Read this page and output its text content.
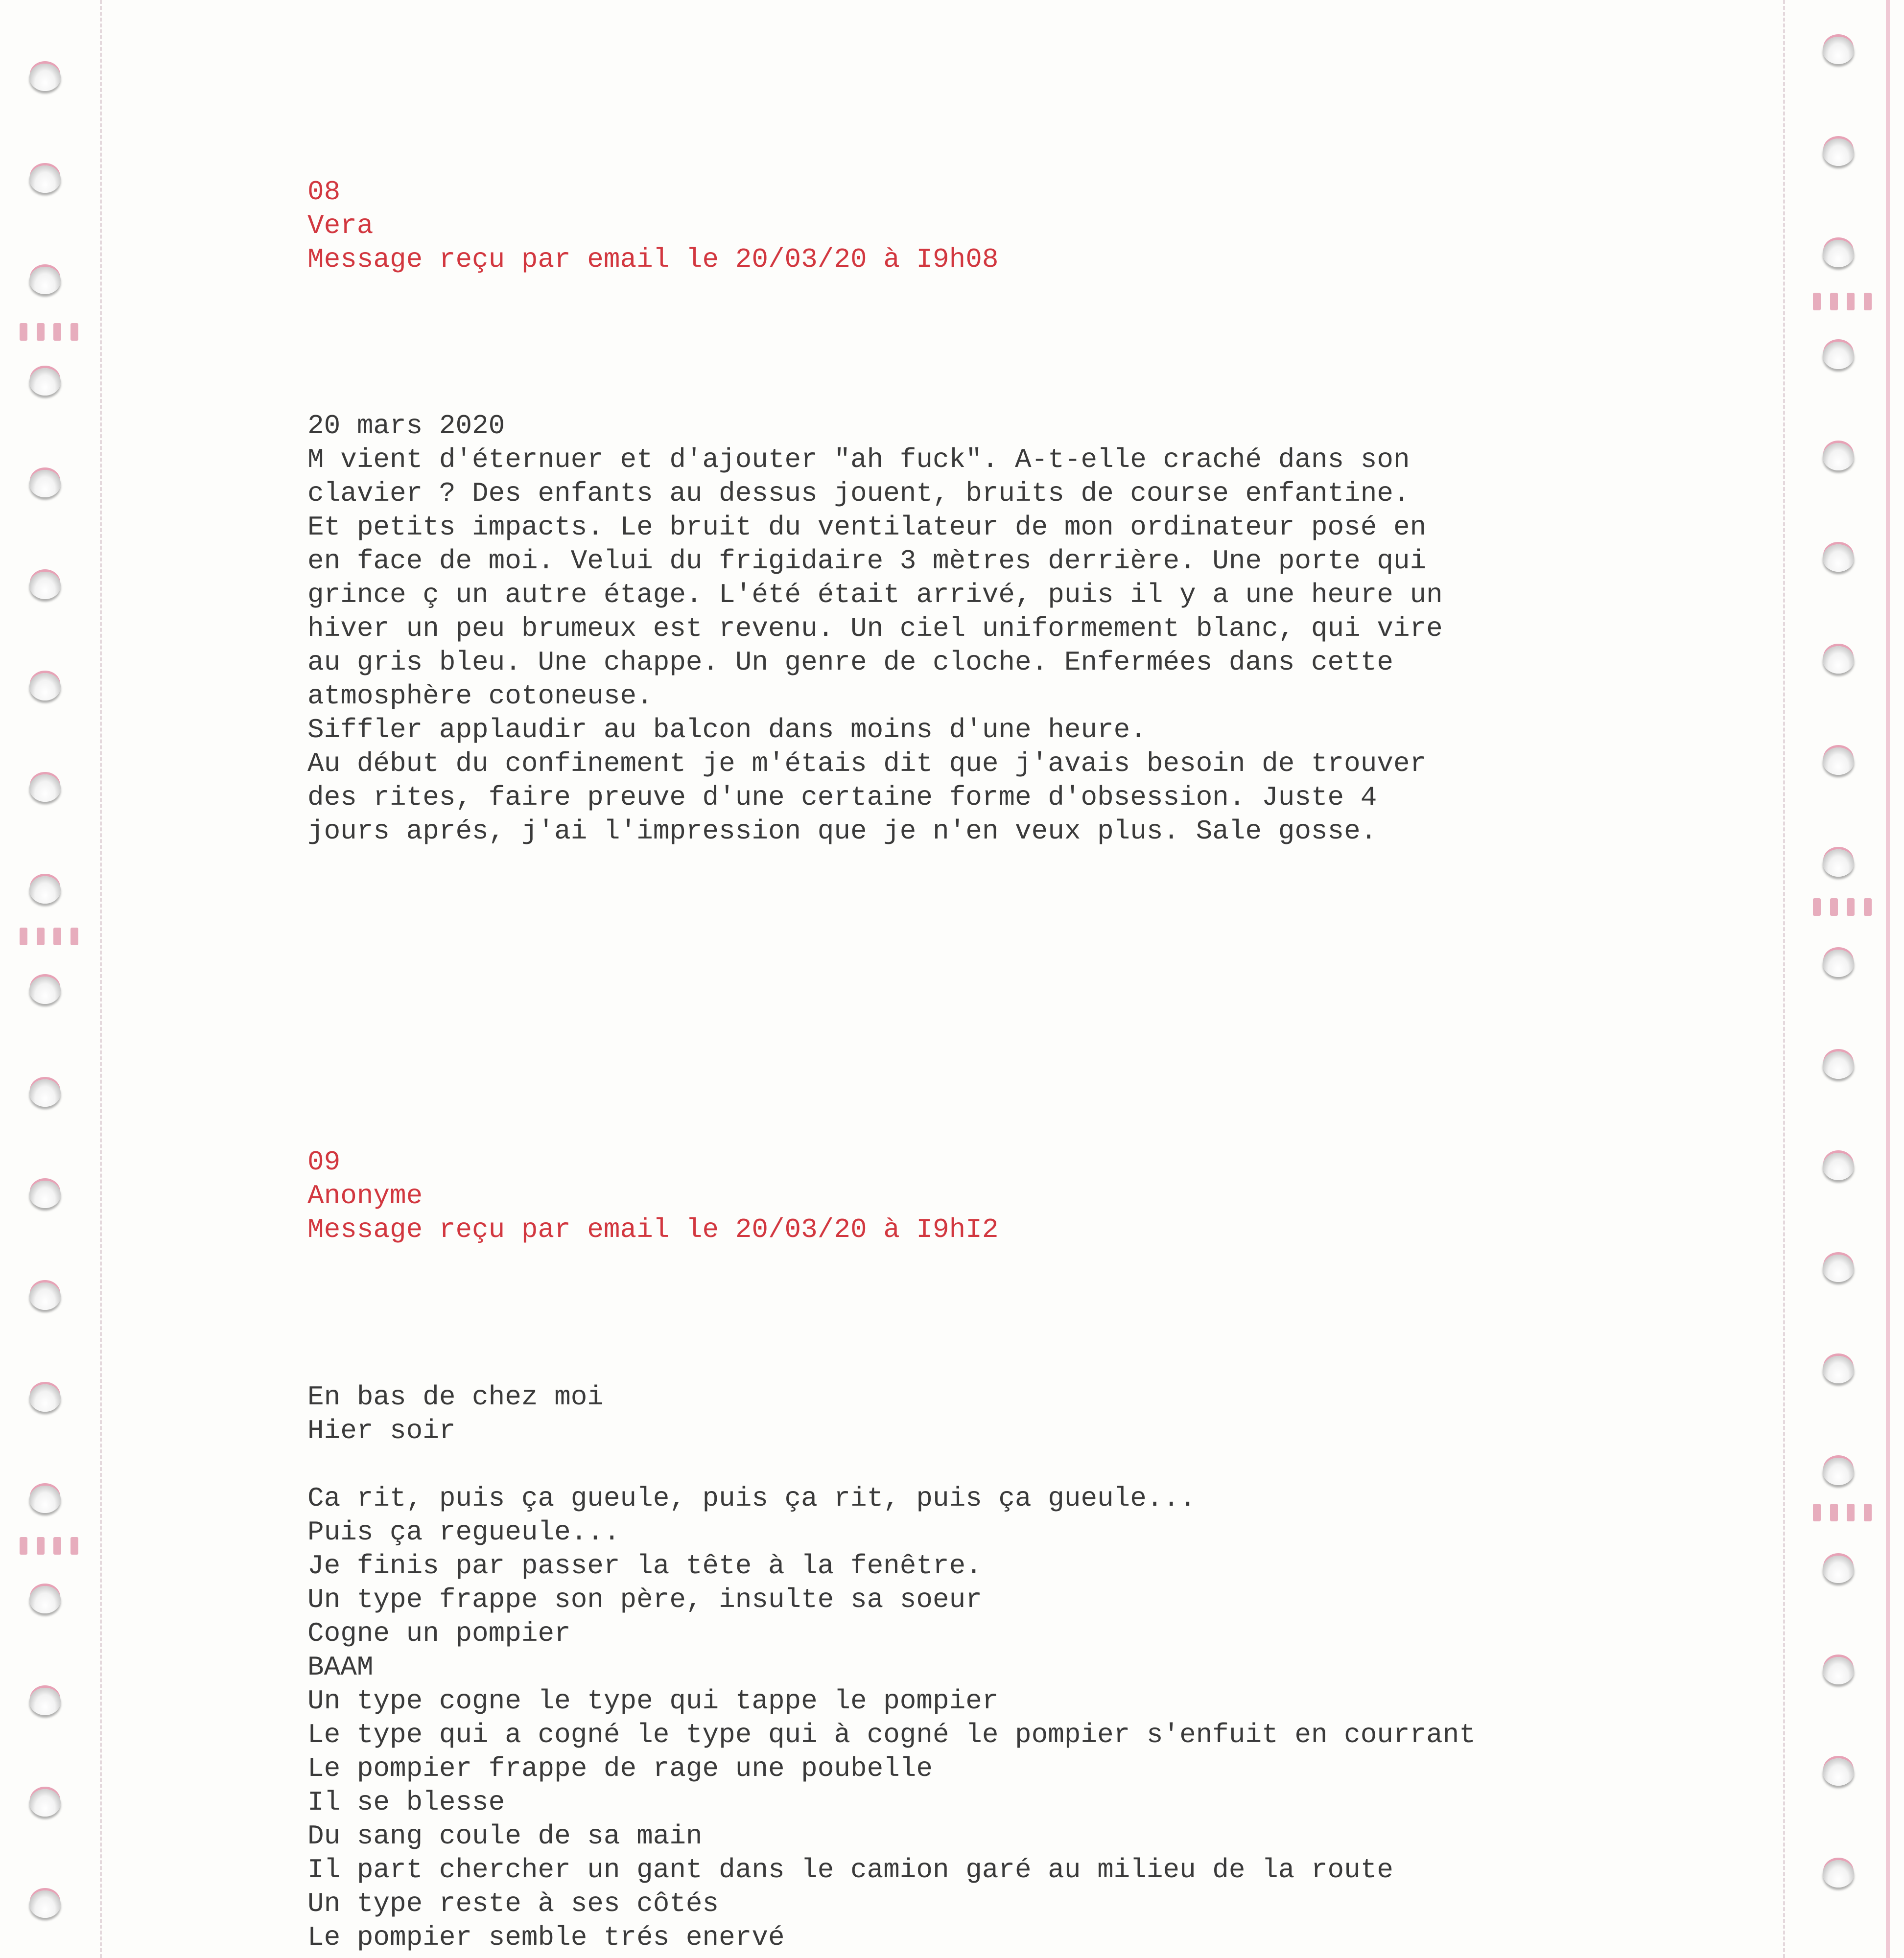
08

Vera

Message reçu par email le 20/03/20 à I9h08

20 mars 2020

M vient d'éternuer et d'ajouter "ah fuck". A-t-elle craché dans son

clavier ? Des enfants au dessus jouent, bruits de course enfantine.

Et petits impacts. Le bruit du ventilateur de mon ordinateur posé en

en face de moi. Velui du frigidaire 3 mètres derrière. Une porte qui

grince ç un autre étage. L'été était arrivé, puis il y a une heure un

hiver un peu brumeux est revenu. Un ciel uniformement blanc, qui vire

au gris bleu. Une chappe. Un genre de cloche. Enfermées dans cette

atmosphère cotoneuse.

Siffler applaudir au balcon dans moins d'une heure.

Au début du confinement je m'étais dit que j'avais besoin de trouver

des rites, faire preuve d'une certaine forme d'obsession. Juste 4

jours aprés, j'ai l'impression que je n'en veux plus. Sale gosse.

09

Anonyme

Message reçu par email le 20/03/20 à I9hI2

En bas de chez moi

Hier soir

Ca rit, puis ça gueule, puis ça rit, puis ça gueule...

Puis ça regueule...

Je finis par passer la tête à la fenêtre.

Un type frappe son père, insulte sa soeur

Cogne un pompier

BAAM

Un type cogne le type qui tappe le pompier

Le type qui a cogné le type qui à cogné le pompier s'enfuit en courrant

Le pompier frappe de rage une poubelle

Il se blesse

Du sang coule de sa main

Il part chercher un gant dans le camion garé au milieu de la route

Un type reste à ses côtés

Le pompier semble trés enervé
